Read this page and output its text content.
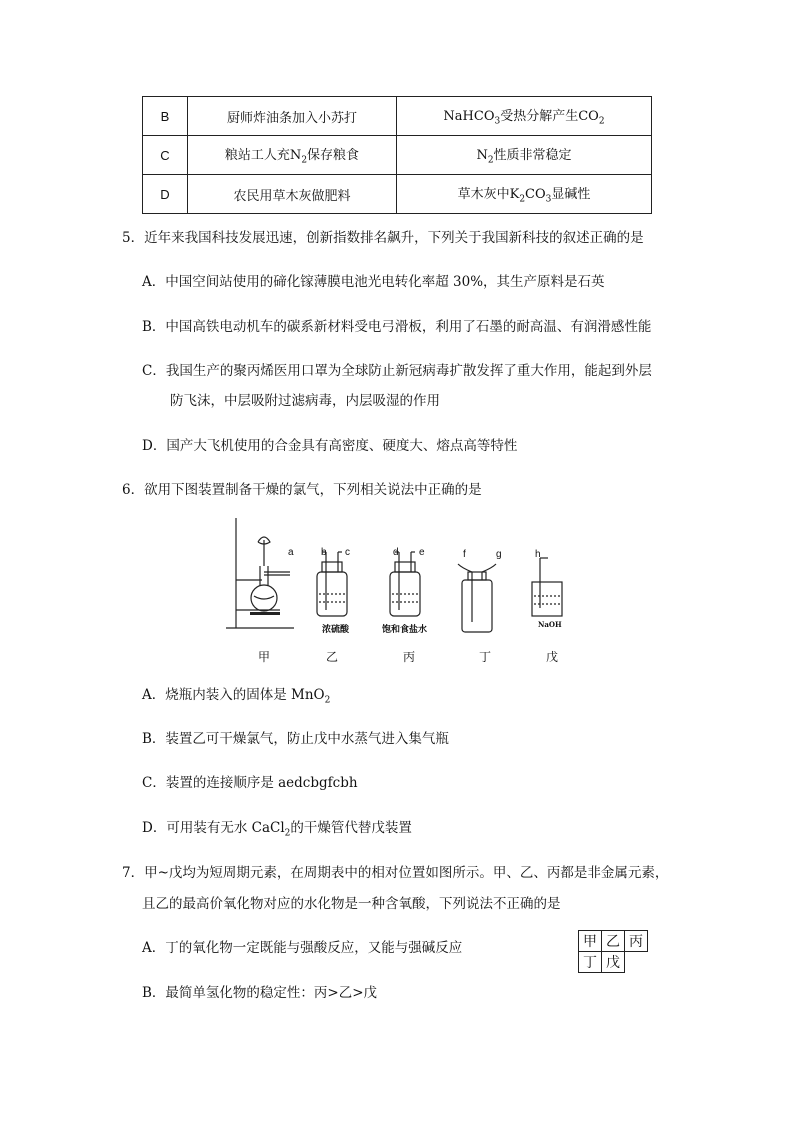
B	厨师炸油条加入小苏打	NaHCO$_3$受热分解产生$CO_2$
C	粮站工人充$N_2$保存粮食	$N_2$性质非常稳定
D	农民用草木灰做肥料	草木灰中$K_2CO_3$显碱性
5．近年来我国科技发展迅速，创新指数排名飙升，下列关于我国新科技的叙述正确的是
A．中国空间站使用的碲化镓薄膜电池光电转化率超 30%，其生产原料是石英
B．中国高铁电动机车的碳系新材料受电弓滑板，利用了石墨的耐高温、有润滑感性能
C．我国生产的聚丙烯医用口罩为全球防止新冠病毒扩散发挥了重大作用，能起到外层
防飞沫，中层吸附过滤病毒，内层吸湿的作用
D．国产大飞机使用的合金具有高密度、硬度大、熔点高等特性
6．欲用下图装置制备干燥的氯气，下列相关说法中正确的是
a	b c	d e	f	g	h
浓硫酸	饱和食盐水
NaOH
甲	乙	丙	丁	戊
A．烧瓶内装入的固体是 MnO$_2$
B．装置乙可干燥氯气，防止戊中水蒸气进入集气瓶
C．装置的连接顺序是 aedcbgfcbh
D．可用装有无水 CaCl$_2$的干燥管代替戊装置
7．甲~戊均为短周期元素，在周期表中的相对位置如图所示。甲、乙、丙都是非金属元素，
且乙的最高价氧化物对应的水化物是一种含氧酸，下列说法不正确的是
A．丁的氧化物一定既能与强酸反应，又能与强碱反应
B．最简单氢化物的稳定性：丙>乙>戊
甲	乙	丙
丁	戊	
